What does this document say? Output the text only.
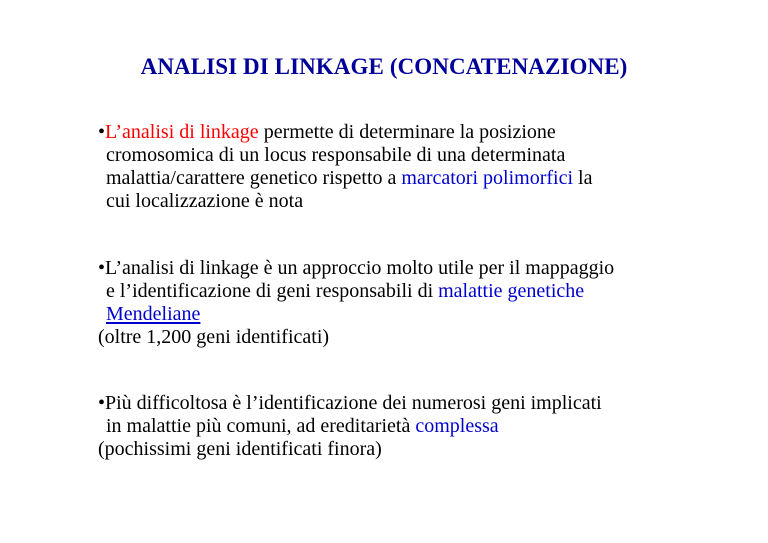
ANALISI DI LINKAGE (CONCATENAZIONE)
•L’analisi di linkage permette di determinare la posizione
cromosomica di un locus responsabile di una determinata
malattia/carattere genetico rispetto a marcatori polimorfici la
cui localizzazione è nota
•L’analisi di linkage è un approccio molto utile per il mappaggio
e l’identificazione di geni responsabili di malattie genetiche
Mendeliane
(oltre 1,200 geni identificati)
•Più difficoltosa è l’identificazione dei numerosi geni implicati
in malattie più comuni, ad ereditarietà complessa
(pochissimi geni identificati finora)
